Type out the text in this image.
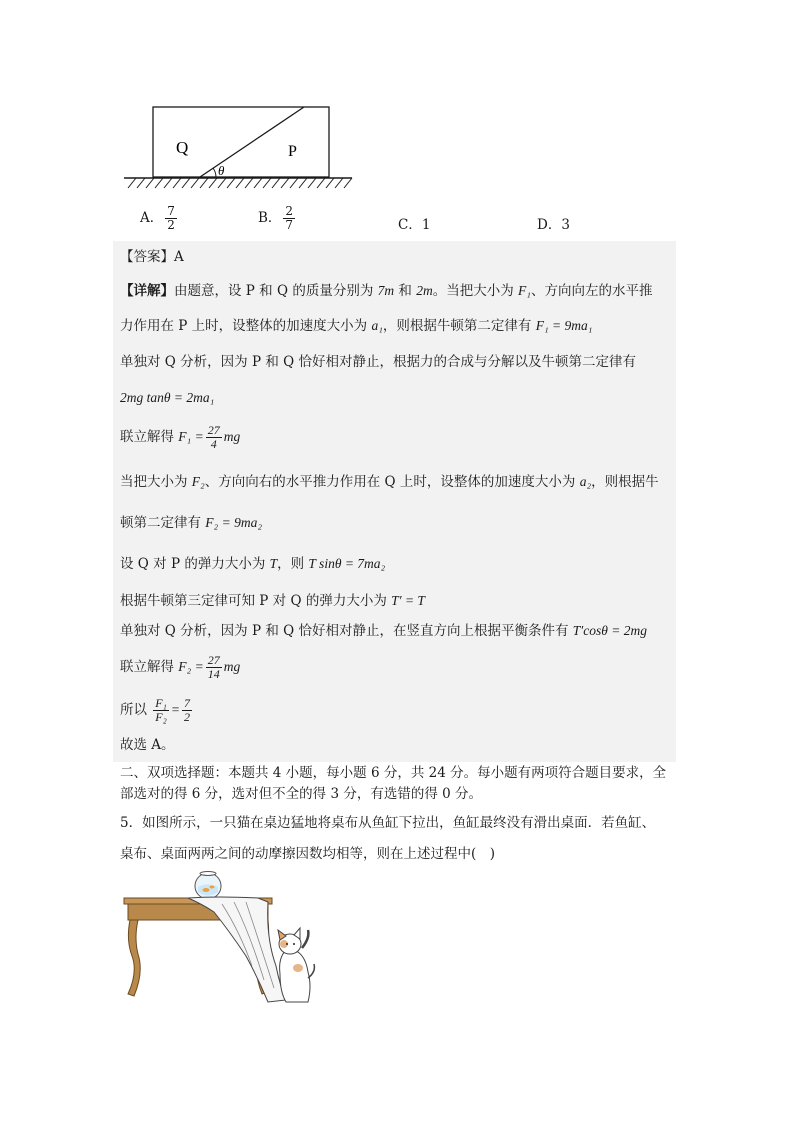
Q	P
θ
A． $\frac{7}{2}$	B． $\frac{2}{7}$	C．1	D．3
【答案】A
【详解】由题意，设 P 和 Q 的质量分别为 7m 和 2m。当把大小为 F₁、方向向左的水平推
力作用在 P 上时，设整体的加速度大小为 a₁，则根据牛顿第二定律有 F₁ = 9ma₁
单独对 Q 分析，因为 P 和 Q 恰好相对静止，根据力的合成与分解以及牛顿第二定律有
2mg tanθ = 2ma₁
联立解得 $F_1 = \frac{27}{4}$ mg
当把大小为 F₂、方向向右的水平推力作用在 Q 上时，设整体的加速度大小为 a₂，则根据牛
顿第二定律有 F₂ = 9ma₂
设 Q 对 P 的弹力大小为 T，则 T sinθ = 7ma₂
根据牛顿第三定律可知 P 对 Q 的弹力大小为 T′ = T
单独对 Q 分析，因为 P 和 Q 恰好相对静止，在竖直方向上根据平衡条件有 T′cosθ = 2mg
联立解得 $F_2 = \frac{27}{14}$ mg
所以 $\frac{\text{F₁}}{\text{F₂}} = \frac{7}{2}$
故选 A。
二、双项选择题：本题共 4 小题，每小题 6 分，共 24 分。每小题有两项符合题目要求，全
部选对的得 6 分，选对但不全的得 3 分，有选错的得 0 分。
5．如图所示，一只猫在桌边猛地将桌布从鱼缸下拉出，鱼缸最终没有滑出桌面．若鱼缸、
桌布、桌面两两之间的动摩擦因数均相等，则在上述过程中(　)
